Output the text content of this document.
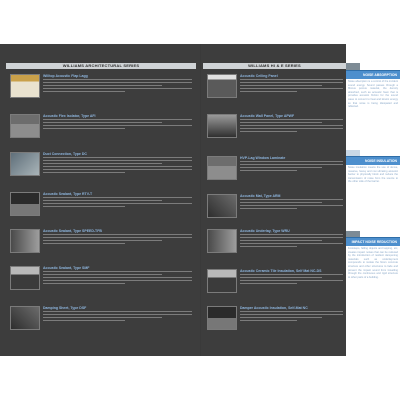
WILLIAMS ARCHITECTURAL SERIES
Willtop Acoustic Flap Lagg
Acoustic Flex Isolator, Type AFI
Duct Connection, Type DC
Acoustic Sealant, Type RTV-T
Acoustic Sealant, Type SPEED-TFB
Acoustic Sealant, Type SMF
Damping Sheet, Type DSF
WILLIAMS HI & E SERIES
Acoustic Ceiling Panel
Acoustic Wall Panel, Type APWF
HVP-Lag Window Laminate
Acoustic Mat, Type ARM
Acoustic Underlay, Type WRU
Acoustic Ceramic Tile Insulation, Self Mat NC-DS
Damper Acoustic Insulation, Self-Mat NC
NOISE ABSORPTION
Noise absorption is a control of the incident sound energy. Sound passes through a fibrous porous material, the density absorbed, such as acoustic foam that is provides acoustic friction for the sound wave to convert to heat and kinetic energy so that noise is being dissipated and reflected.
NOISE INSULATION
Noise insulation means the use of dense, massive, heavy and non-vibrating acoustic barrier to physically block and reduce the transmission of noise from the source to the other side of the barrier.
IMPACT NOISE REDUCTION
Footsteps, falling objects and tapping, etc, creates impact noises that can be reduced by the introduction of resilient dampening materials such as underlayment compounds to isolate the floors concrete structure and other structures to fade and prevent the impact sound from travelling through the continuous and rigid structure to other parts of a building.
